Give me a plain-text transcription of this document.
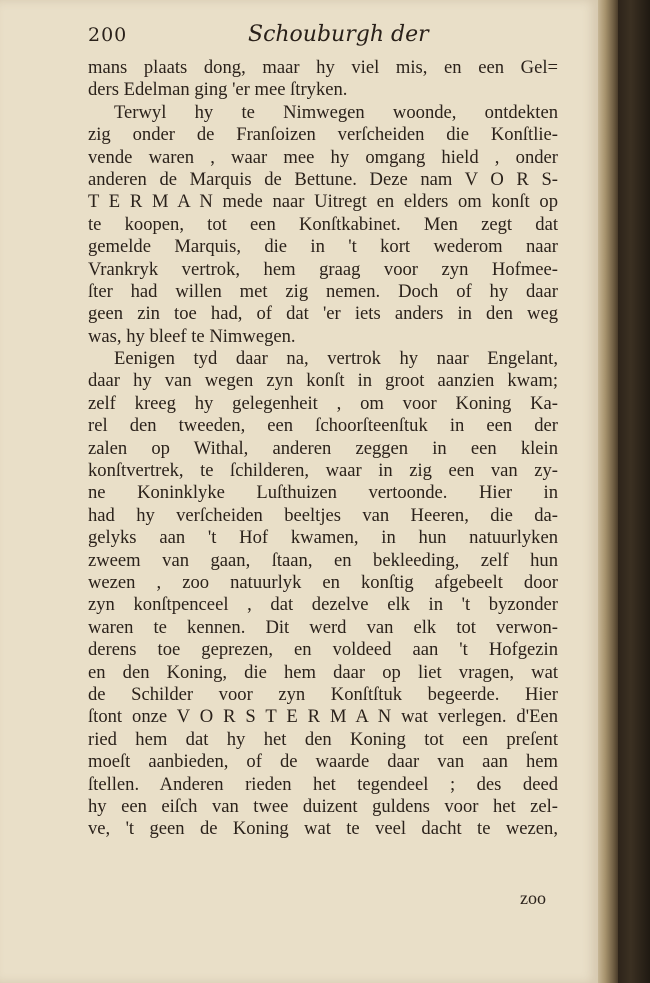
200	Schouburgh der
mans plaats dong, maar hy viel mis, en een Gel=
ders Edelman ging 'er mee ſtryken.
Terwyl hy te Nimwegen woonde, ontdekten
zig onder de Franſoizen verſcheiden die Konſtlie-
vende waren , waar mee hy omgang hield , onder
anderen de Marquis de Bettune. Deze nam V O R S-
T E R M A N mede naar Uitregt en elders om konſt op
te koopen, tot een Konſtkabinet. Men zegt dat
gemelde Marquis, die in 't kort wederom naar
Vrankryk vertrok, hem graag voor zyn Hofmee-
ſter had willen met zig nemen. Doch of hy daar
geen zin toe had, of dat 'er iets anders in den weg
was, hy bleef te Nimwegen.
Eenigen tyd daar na, vertrok hy naar Engelant,
daar hy van wegen zyn konſt in groot aanzien kwam;
zelf kreeg hy gelegenheit , om voor Koning Ka-
rel den tweeden, een ſchoorſteenſtuk in een der
zalen op Withal, anderen zeggen in een klein
konſtvertrek, te ſchilderen, waar in zig een van zy-
ne Koninklyke Luſthuizen vertoonde. Hier in
had hy verſcheiden beeltjes van Heeren, die da-
gelyks aan 't Hof kwamen, in hun natuurlyken
zweem van gaan, ſtaan, en bekleeding, zelf hun
wezen , zoo natuurlyk en konſtig afgebeelt door
zyn konſtpenceel , dat dezelve elk in 't byzonder
waren te kennen. Dit werd van elk tot verwon-
derens toe geprezen, en voldeed aan 't Hofgezin
en den Koning, die hem daar op liet vragen, wat
de Schilder voor zyn Konſtſtuk begeerde. Hier
ſtont onze V O R S T E R M A N wat verlegen. d'Een
ried hem dat hy het den Koning tot een preſent
moeſt aanbieden, of de waarde daar van aan hem
ſtellen. Anderen rieden het tegendeel ; des deed
hy een eiſch van twee duizent guldens voor het zel-
ve, 't geen de Koning wat te veel dacht te wezen,
zoo
